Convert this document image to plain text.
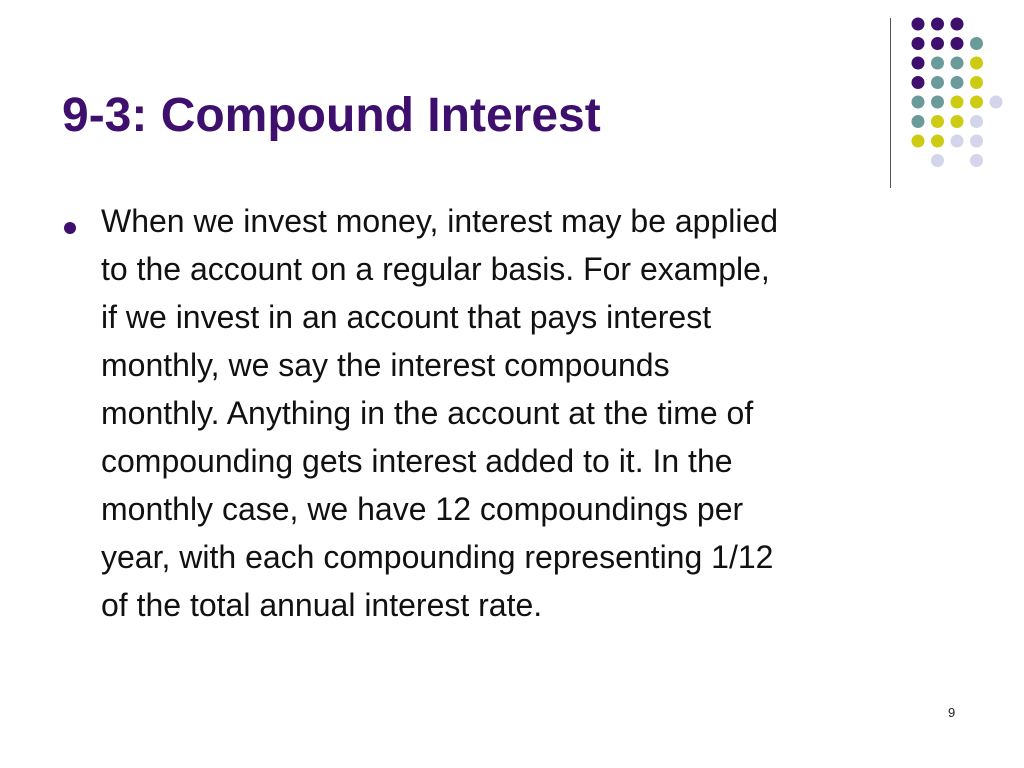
9-3: Compound Interest
When we invest money, interest may be applied
to the account on a regular basis. For example,
if we invest in an account that pays interest
monthly, we say the interest compounds
monthly. Anything in the account at the time of
compounding gets interest added to it. In the
monthly case, we have 12 compoundings per
year, with each compounding representing 1/12
of the total annual interest rate.
9
